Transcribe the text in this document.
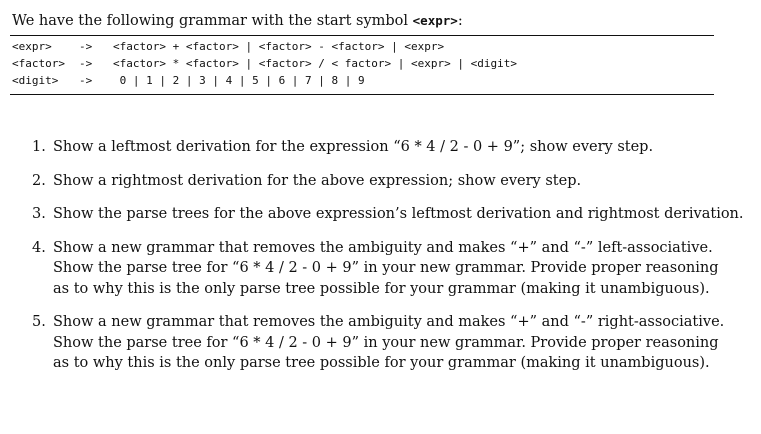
We have the following grammar with the start symbol <expr>:
<expr> -> <factor> + <factor> | <factor> - <factor> | <expr>
<factor> -> <factor> * <factor> | <factor> / < factor> | <expr> | <digit>
<digit> -> 0 | 1 | 2 | 3 | 4 | 5 | 6 | 7 | 8 | 9
1. Show a leftmost derivation for the expression “6 * 4 / 2 - 0 + 9”; show every step.
2. Show a rightmost derivation for the above expression; show every step.
3. Show the parse trees for the above expression’s leftmost derivation and rightmost derivation.
4. Show a new grammar that removes the ambiguity and makes “+” and “-” left-associative.
Show the parse tree for “6 * 4 / 2 - 0 + 9” in your new grammar. Provide proper reasoning
as to why this is the only parse tree possible for your grammar (making it unambiguous).
5. Show a new grammar that removes the ambiguity and makes “+” and “-” right-associative.
Show the parse tree for “6 * 4 / 2 - 0 + 9” in your new grammar. Provide proper reasoning
as to why this is the only parse tree possible for your grammar (making it unambiguous).
